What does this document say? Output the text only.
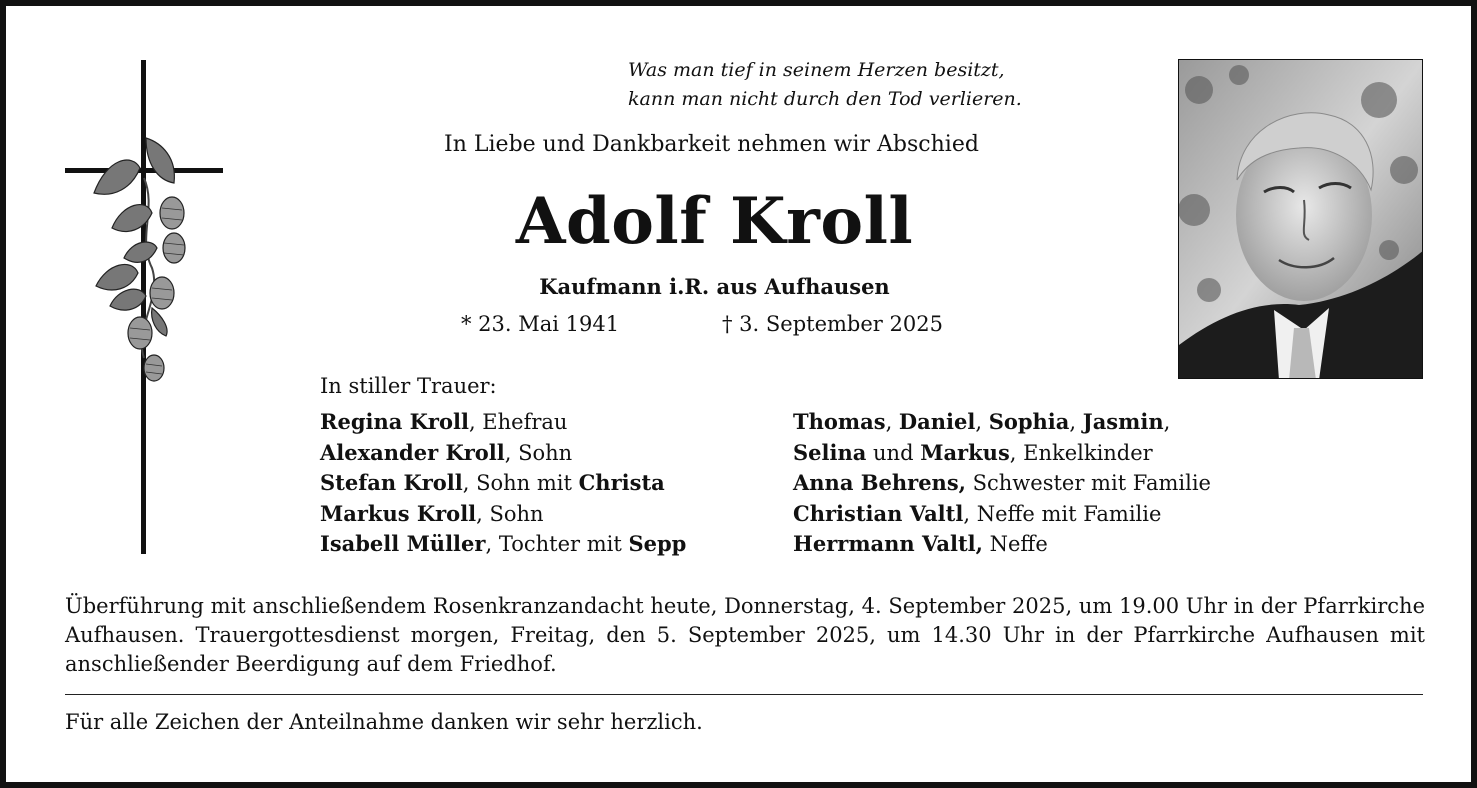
Was man tief in seinem Herzen besitzt,
kann man nicht durch den Tod verlieren.
In Liebe und Dankbarkeit nehmen wir Abschied
Adolf Kroll
Kaufmann i.R. aus Aufhausen
* 23. Mai 1941	† 3. September 2025
In stiller Trauer:
Regina Kroll, Ehefrau
Alexander Kroll, Sohn
Stefan Kroll, Sohn mit Christa
Markus Kroll, Sohn
Isabell Müller, Tochter mit Sepp
Thomas, Daniel, Sophia, Jasmin,
Selina und Markus, Enkelkinder
Anna Behrens, Schwester mit Familie
Christian Valtl, Neffe mit Familie
Herrmann Valtl, Neffe
Überführung mit anschließendem Rosenkranzandacht heute, Donnerstag, 4. September 2025, um 19.00 Uhr in der Pfarrkirche Aufhausen. Trauergottesdienst morgen, Freitag, den 5. September 2025, um 14.30 Uhr in der Pfarrkirche Aufhausen mit anschließender Beerdigung auf dem Friedhof.
Für alle Zeichen der Anteilnahme danken wir sehr herzlich.
